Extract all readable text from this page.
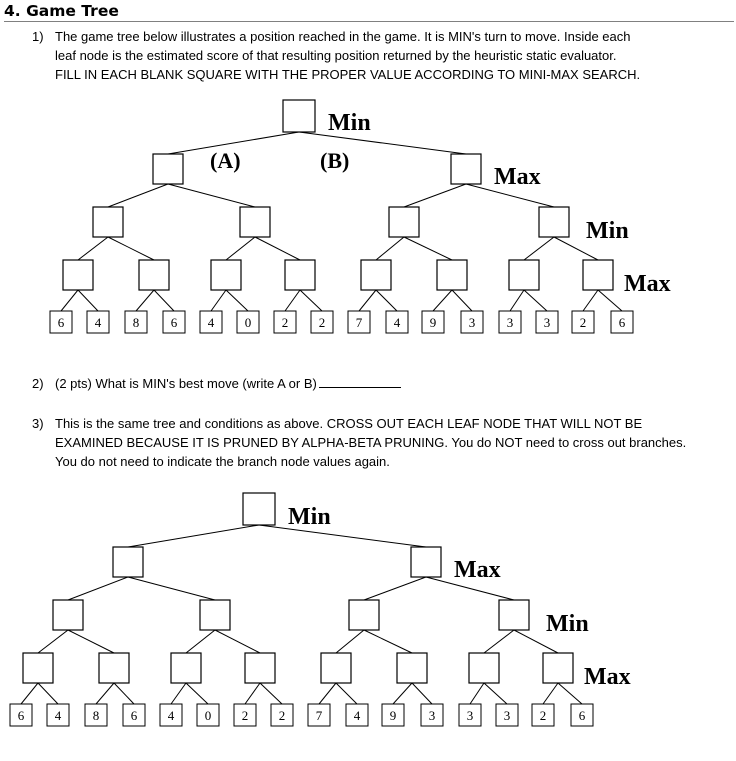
4. Game Tree
1) The game tree below illustrates a position reached in the game. It is MIN's turn to move. Inside each
leaf node is the estimated score of that resulting position returned by the heuristic static evaluator.
FILL IN EACH BLANK SQUARE WITH THE PROPER VALUE ACCORDING TO MINI-MAX SEARCH.
6 4 8 6 4 0 2 2 7 4 9	3 3 3 2	6
Min
Max
Min
Max
(A)	(B)
2) (2 pts) What is MIN's best move (write A or B)
3) This is the same tree and conditions as above. CROSS OUT EACH LEAF NODE THAT WILL NOT BE
EXAMINED BECAUSE IT IS PRUNED BY ALPHA-BETA PRUNING. You do NOT need to cross out branches.
You do not need to indicate the branch node values again.
6 4 8 6 4 0 2 2 7 4 9	3 3 3 2	6
Min
Max
Min
Max
